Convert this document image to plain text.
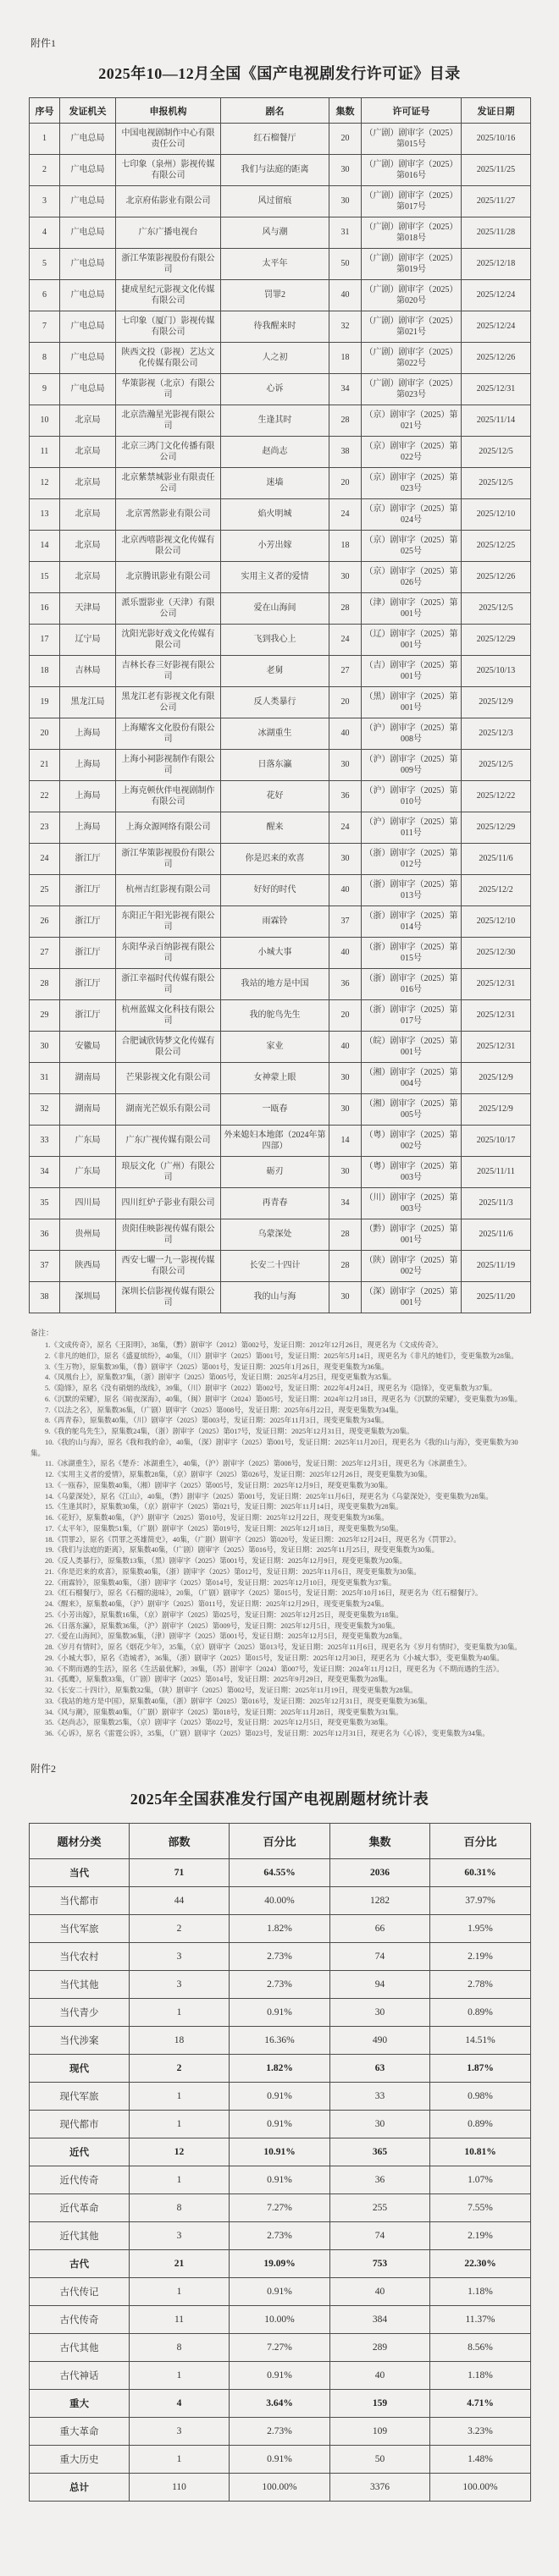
附件1
2025年10—12月全国《国产电视剧发行许可证》目录
序号	发证机关	申报机构	剧名	集数	许可证号	发证日期
1	广电总局	中国电视剧制作中心有限责任公司	红石榴餐厅	20	（广剧）剧审字（2025）第015号	2025/10/16
2	广电总局	七印象（泉州）影视传媒有限公司	我们与法庭的距离	30	（广剧）剧审字（2025）第016号	2025/11/25
3	广电总局	北京府佑影业有限公司	风过留痕	30	（广剧）剧审字（2025）第017号	2025/11/27
4	广电总局	广东广播电视台	风与潮	31	（广剧）剧审字（2025）第018号	2025/11/28
5	广电总局	浙江华策影视股份有限公司	太平年	50	（广剧）剧审字（2025）第019号	2025/12/18
6	广电总局	捷成星纪元影视文化传媒有限公司	罚罪2	40	（广剧）剧审字（2025）第020号	2025/12/24
7	广电总局	七印象（厦门）影视传媒有限公司	待我醒来时	32	（广剧）剧审字（2025）第021号	2025/12/24
8	广电总局	陕西文投（影视）艺达文化传媒有限公司	人之初	18	（广剧）剧审字（2025）第022号	2025/12/26
9	广电总局	华策影视（北京）有限公司	心诉	34	（广剧）剧审字（2025）第023号	2025/12/31
10	北京局	北京浩瀚星光影视有限公司	生逢其时	28	（京）剧审字（2025）第021号	2025/11/14
11	北京局	北京三鸿门文化传播有限公司	赵尚志	38	（京）剧审字（2025）第022号	2025/12/5
12	北京局	北京紫禁城影业有限责任公司	迷墙	20	（京）剧审字（2025）第023号	2025/12/5
13	北京局	北京霄然影业有限公司	焰火明城	24	（京）剧审字（2025）第024号	2025/12/10
14	北京局	北京西嘻影视文化传媒有限公司	小芳出嫁	18	（京）剧审字（2025）第025号	2025/12/25
15	北京局	北京腾讯影业有限公司	实用主义者的爱情	30	（京）剧审字（2025）第026号	2025/12/26
16	天津局	派乐盟影业（天津）有限公司	爱在山海间	28	（津）剧审字（2025）第001号	2025/12/5
17	辽宁局	沈阳光影好戏文化传媒有限公司	飞到我心上	24	（辽）剧审字（2025）第001号	2025/12/29
18	吉林局	吉林长春三好影视有限公司	老舅	27	（吉）剧审字（2025）第001号	2025/10/13
19	黑龙江局	黑龙江老有影视文化有限公司	反人类暴行	20	（黑）剧审字（2025）第001号	2025/12/9
20	上海局	上海耀客文化股份有限公司	冰湖重生	40	（沪）剧审字（2025）第008号	2025/12/3
21	上海局	上海小祠影视制作有限公司	日落东瀛	30	（沪）剧审字（2025）第009号	2025/12/5
22	上海局	上海克顿伙伴电视剧制作有限公司	花好	36	（沪）剧审字（2025）第010号	2025/12/22
23	上海局	上海众源网络有限公司	醒来	24	（沪）剧审字（2025）第011号	2025/12/29
24	浙江厅	浙江华策影视股份有限公司	你是迟来的欢喜	30	（浙）剧审字（2025）第012号	2025/11/6
25	浙江厅	杭州吉红影视有限公司	好好的时代	40	（浙）剧审字（2025）第013号	2025/12/2
26	浙江厅	东阳正午阳光影视有限公司	雨霖铃	37	（浙）剧审字（2025）第014号	2025/12/10
27	浙江厅	东阳华录百纳影视有限公司	小城大事	40	（浙）剧审字（2025）第015号	2025/12/30
28	浙江厅	浙江幸福时代传媒有限公司	我站的地方是中国	36	（浙）剧审字（2025）第016号	2025/12/31
29	浙江厅	杭州蓝媒文化科技有限公司	我的鸵鸟先生	20	（浙）剧审字（2025）第017号	2025/12/31
30	安徽局	合肥诚欣铸梦文化传媒有限公司	家业	40	（皖）剧审字（2025）第001号	2025/12/31
31	湖南局	芒果影视文化有限公司	女神蒙上眼	30	（湘）剧审字（2025）第004号	2025/12/9
32	湖南局	湖南光芒娱乐有限公司	一瓯春	30	（湘）剧审字（2025）第005号	2025/12/9
33	广东局	广东广视传媒有限公司	外来媳妇本地郎（2024年第四部）	14	（粤）剧审字（2025）第002号	2025/10/17
34	广东局	琅辰文化（广州）有限公司	砺刃	30	（粤）剧审字（2025）第003号	2025/11/11
35	四川局	四川红炉子影业有限公司	再青春	34	（川）剧审字（2025）第003号	2025/11/3
36	贵州局	贵阳佳映影视传媒有限公司	乌蒙深处	28	（黔）剧审字（2025）第001号	2025/11/6
37	陕西局	西安七曜一九一影视传媒有限公司	长安二十四计	28	（陕）剧审字（2025）第002号	2025/11/19
38	深圳局	深圳长信影视传媒有限公司	我的山与海	30	（深）剧审字（2025）第001号	2025/11/20
备注：

1.《文成传奇》，原名《王阳明》，38集，（黔）剧审字（2012）第002号，发证日期：2012年12月26日，现更名为《文成传奇》。

2.《非凡的她们》，原名《盛夏缤纷》，40集，（川）剧审字（2025）第001号，发证日期：2025年5月14日，现更名为《非凡的她们》，变更集数为28集。

3.《生万物》，原集数39集，（鲁）剧审字（2025）第001号，发证日期：2025年1月26日，现变更集数为36集。

4.《凤凰台上》，原集数37集，（浙）剧审字（2025）第005号，发证日期：2025年4月25日，现变更集数为35集。

5.《隐锋》，原名《没有硝烟的战线》，39集，（川）剧审字（2022）第002号，发证日期：2022年4月24日，现更名为《隐锋》，变更集数为37集。

6.《沉默的荣耀》，原名《暗夜深海》，40集，（闽）剧审字（2024）第005号，发证日期：2024年12月18日，现更名为《沉默的荣耀》，变更集数为39集。

7.《以法之名》，原集数36集，（广剧）剧审字（2025）第008号，发证日期：2025年6月22日，现变更集数为34集。

8.《再青春》，原集数40集，（川）剧审字（2025）第003号，发证日期：2025年11月3日，现变更集数为34集。

9.《我的鸵鸟先生》，原集数24集，（浙）剧审字（2025）第017号，发证日期：2025年12月31日，现变更集数为20集。

10.《我的山与海》，原名《我和我的命》，40集，（深）剧审字（2025）第001号，发证日期：2025年11月20日，现更名为《我的山与海》，变更集数为30集。

11.《冰湖重生》，原名《楚乔：冰湖重生》，40集，（沪）剧审字（2025）第008号，发证日期：2025年12月3日，现更名为《冰湖重生》。

12.《实用主义者的爱情》，原集数28集，（京）剧审字（2025）第026号，发证日期：2025年12月26日，现变更集数为30集。

13.《一瓯春》，原集数40集，（湘）剧审字（2025）第005号，发证日期：2025年12月9日，现变更集数为30集。

14.《乌蒙深处》，原名《江山》，40集，（黔）剧审字（2025）第001号，发证日期：2025年11月6日，现更名为《乌蒙深处》，变更集数为28集。

15.《生逢其时》，原集数30集，（京）剧审字（2025）第021号，发证日期：2025年11月14日，现变更集数为28集。

16.《花好》，原集数40集，（沪）剧审字（2025）第010号，发证日期：2025年12月22日，现变更集数为36集。

17.《太平年》，原集数51集，（广剧）剧审字（2025）第019号，发证日期：2025年12月18日，现变更集数为50集。

18.《罚罪2》，原名《罚罪之英雄简史》，40集，（广剧）剧审字（2025）第020号，发证日期：2025年12月24日，现更名为《罚罪2》。

19.《我们与法庭的距离》，原集数40集，（广剧）剧审字（2025）第016号，发证日期：2025年11月25日，现变更集数为30集。

20.《反人类暴行》，原集数13集，（黑）剧审字（2025）第001号，发证日期：2025年12月9日，现变更集数为20集。

21.《你是迟来的欢喜》，原集数40集，（浙）剧审字（2025）第012号，发证日期：2025年11月6日，现变更集数为30集。

22.《雨霖铃》，原集数40集，（浙）剧审字（2025）第014号，发证日期：2025年12月10日，现变更集数为37集。

23.《红石榴餐厅》，原名《石榴的滋味》，20集，（广剧）剧审字（2025）第015号，发证日期：2025年10月16日，现更名为《红石榴餐厅》。

24.《醒来》，原集数40集，（沪）剧审字（2025）第011号，发证日期：2025年12月29日，现变更集数为24集。

25.《小芳出嫁》，原集数16集，（京）剧审字（2025）第025号，发证日期：2025年12月25日，现变更集数为18集。

26.《日落东瀛》，原集数36集，（沪）剧审字（2025）第009号，发证日期：2025年12月5日，现变更集数为30集。

27.《爱在山海间》，原集数36集，（津）剧审字（2025）第001号，发证日期：2025年12月5日，现变更集数为28集。

28.《岁月有情时》，原名《烟花少年》，35集，（京）剧审字（2025）第013号，发证日期：2025年11月6日，现更名为《岁月有情时》，变更集数为30集。

29.《小城大事》，原名《造城者》，36集，（浙）剧审字（2025）第015号，发证日期：2025年12月30日，现更名为《小城大事》，变更集数为40集。

30.《不期而遇的生活》，原名《生活最优解》，39集，（苏）剧审字（2024）第007号，发证日期：2024年11月12日，现更名为《不期而遇的生活》。

31.《孤鹰》，原集数33集，（广剧）剧审字（2025）第014号，发证日期：2025年9月29日，现变更集数为28集。

32.《长安二十四计》，原集数32集，（陕）剧审字（2025）第002号，发证日期：2025年11月19日，现变更集数为28集。

33.《我站的地方是中国》，原集数40集，（浙）剧审字（2025）第016号，发证日期：2025年12月31日，现变更集数为36集。

34.《风与潮》，原集数40集，（广剧）剧审字（2025）第018号，发证日期：2025年11月28日，现变更集数为31集。

35.《赵尚志》，原集数25集，（京）剧审字（2025）第022号，发证日期：2025年12月5日，现变更集数为38集。

36.《心诉》，原名《雷霆公诉》，35集，（广剧）剧审字（2025）第023号，发证日期：2025年12月31日，现更名为《心诉》，变更集数为34集。

附件2
2025年全国获准发行国产电视剧题材统计表
题材分类	部数	百分比	集数	百分比
当代	71	64.55%	2036	60.31%
当代都市	44	40.00%	1282	37.97%
当代军旅	2	1.82%	66	1.95%
当代农村	3	2.73%	74	2.19%
当代其他	3	2.73%	94	2.78%
当代青少	1	0.91%	30	0.89%
当代涉案	18	16.36%	490	14.51%
现代	2	1.82%	63	1.87%
现代军旅	1	0.91%	33	0.98%
现代都市	1	0.91%	30	0.89%
近代	12	10.91%	365	10.81%
近代传奇	1	0.91%	36	1.07%
近代革命	8	7.27%	255	7.55%
近代其他	3	2.73%	74	2.19%
古代	21	19.09%	753	22.30%
古代传记	1	0.91%	40	1.18%
古代传奇	11	10.00%	384	11.37%
古代其他	8	7.27%	289	8.56%
古代神话	1	0.91%	40	1.18%
重大	4	3.64%	159	4.71%
重大革命	3	2.73%	109	3.23%
重大历史	1	0.91%	50	1.48%
总计	110	100.00%	3376	100.00%
